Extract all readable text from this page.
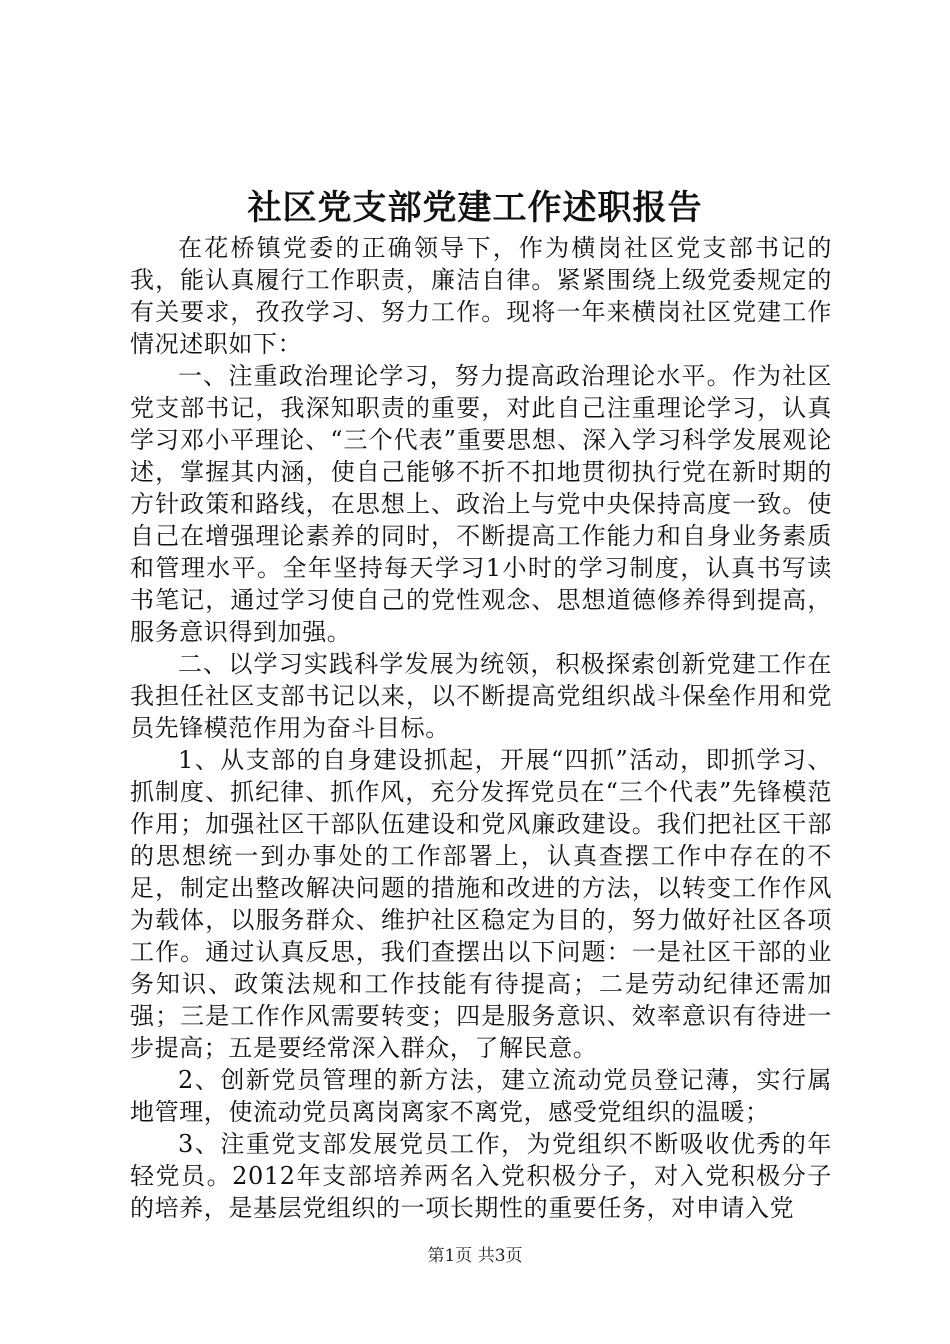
社区党支部党建工作述职报告

在花桥镇党委的正确领导下，作为横岗社区党支部书记的我，能认真履行工作职责，廉洁自律。紧紧围绕上级党委规定的有关要求，孜孜学习、努力工作。现将一年来横岗社区党建工作情况述职如下：

一、注重政治理论学习，努力提高政治理论水平。作为社区党支部书记，我深知职责的重要，对此自己注重理论学习，认真学习邓小平理论、“三个代表”重要思想、深入学习科学发展观论述，掌握其内涵，使自己能够不折不扣地贯彻执行党在新时期的方针政策和路线，在思想上、政治上与党中央保持高度一致。使自己在增强理论素养的同时，不断提高工作能力和自身业务素质和管理水平。全年坚持每天学习1小时的学习制度，认真书写读书笔记，通过学习使自己的党性观念、思想道德修养得到提高，服务意识得到加强。

二、以学习实践科学发展为统领，积极探索创新党建工作在我担任社区支部书记以来，以不断提高党组织战斗保垒作用和党员先锋模范作用为奋斗目标。

1、从支部的自身建设抓起，开展“四抓”活动，即抓学习、抓制度、抓纪律、抓作风，充分发挥党员在“三个代表”先锋模范作用；加强社区干部队伍建设和党风廉政建设。我们把社区干部的思想统一到办事处的工作部署上，认真查摆工作中存在的不足，制定出整改解决问题的措施和改进的方法，以转变工作作风为载体，以服务群众、维护社区稳定为目的，努力做好社区各项工作。通过认真反思，我们查摆出以下问题：一是社区干部的业务知识、政策法规和工作技能有待提高；二是劳动纪律还需加强；三是工作作风需要转变；四是服务意识、效率意识有待进一步提高；五是要经常深入群众，了解民意。

2、创新党员管理的新方法，建立流动党员登记薄，实行属地管理，使流动党员离岗离家不离党，感受党组织的温暖；

3、注重党支部发展党员工作，为党组织不断吸收优秀的年轻党员。2012年支部培养两名入党积极分子，对入党积极分子的培养，是基层党组织的一项长期性的重要任务，对申请入党

第1页 共3页
